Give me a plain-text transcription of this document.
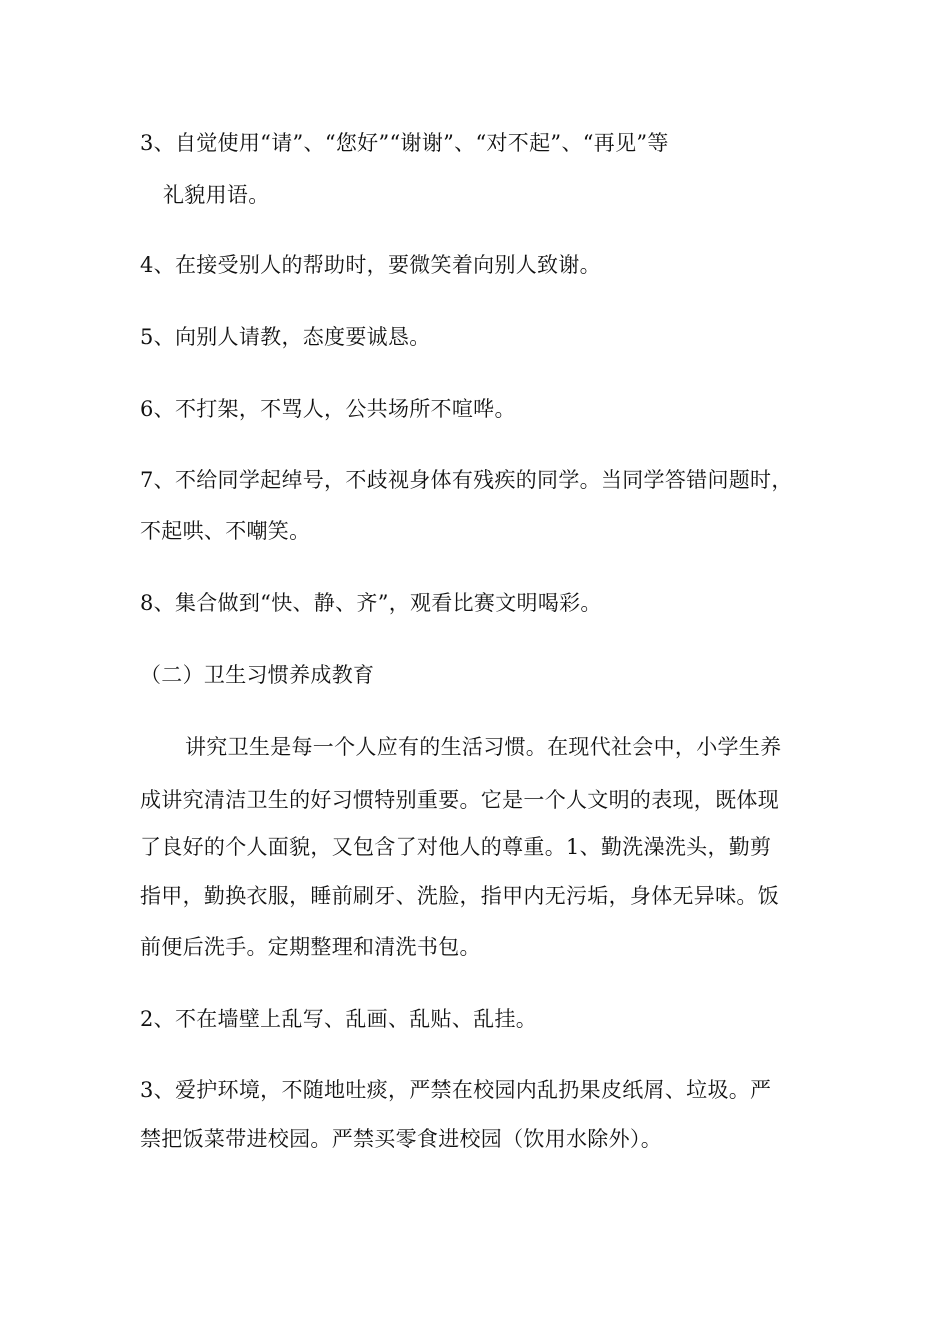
3、自觉使用“请”、“您好”“谢谢”、“对不起”、“再见”等
礼貌用语。
4、在接受别人的帮助时，要微笑着向别人致谢。
5、向别人请教，态度要诚恳。
6、不打架，不骂人，公共场所不喧哗。
7、不给同学起绰号，不歧视身体有残疾的同学。当同学答错问题时，
不起哄、不嘲笑。
8、集合做到“快、静、齐”，观看比赛文明喝彩。
（二）卫生习惯养成教育
讲究卫生是每一个人应有的生活习惯。在现代社会中，小学生养
成讲究清洁卫生的好习惯特别重要。它是一个人文明的表现，既体现
了良好的个人面貌，又包含了对他人的尊重。1、勤洗澡洗头，勤剪
指甲，勤换衣服，睡前刷牙、洗脸，指甲内无污垢，身体无异味。饭
前便后洗手。定期整理和清洗书包。
2、不在墙壁上乱写、乱画、乱贴、乱挂。
3、爱护环境，不随地吐痰，严禁在校园内乱扔果皮纸屑、垃圾。严
禁把饭菜带进校园。严禁买零食进校园（饮用水除外）。
